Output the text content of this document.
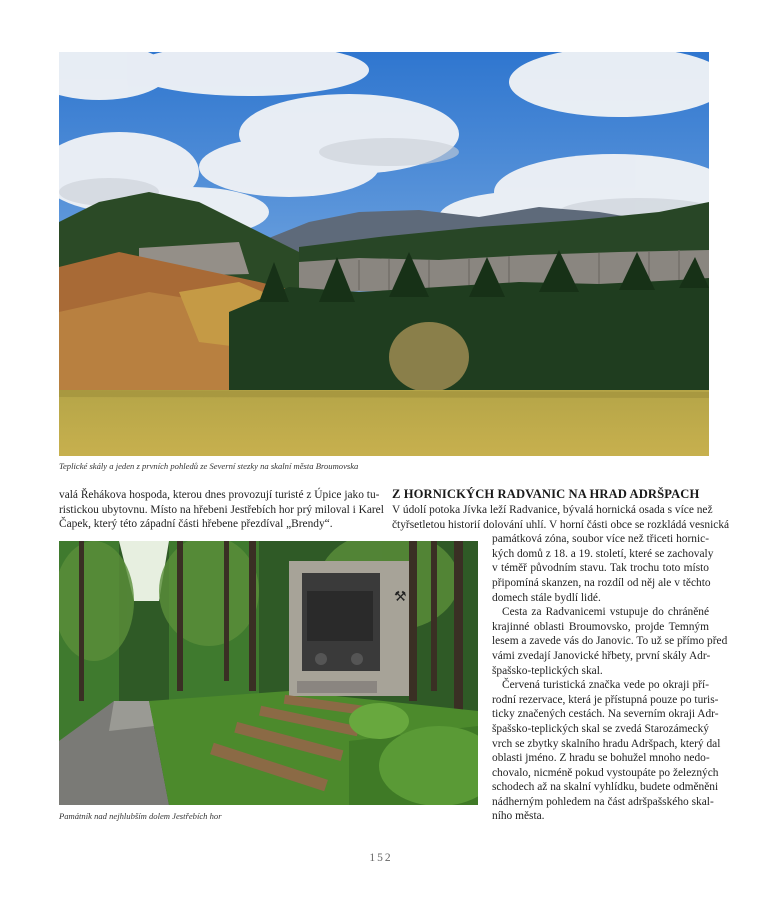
Teplické skály a jeden z prvních pohledů ze Severní stezky na skalní města Broumovska

valá Řehákova hospoda, kterou dnes provozují turisté z Úpice jako tu-
ristickou ubytovnu. Místo na hřebeni Jestřebích hor prý miloval i Karel
Čapek, který této západní části hřebene přezdíval „Brendy“.

Z HORNICKÝCH RADVANIC NA HRAD ADRŠPACH
V údolí potoka Jívka leží Radvanice, bývalá hornická osada s více než
čtyřsetletou historií dolování uhlí. V horní části obce se rozkládá vesnická
památková zóna, soubor více než třiceti hornic-
kých domů z 18. a 19. století, které se zachovaly
v téměř původním stavu. Tak trochu toto místo
připomíná skanzen, na rozdíl od něj ale v těchto
domech stále bydlí lidé.
Cesta za Radvanicemi vstupuje do chráněné
krajinné oblasti Broumovsko, projde Temným
lesem a zavede vás do Janovic. To už se přímo před
vámi zvedají Janovické hřbety, první skály Adr-
špašsko-teplických skal.
Červená turistická značka vede po okraji pří-
rodní rezervace, která je přístupná pouze po turis-
ticky značených cestách. Na severním okraji Adr-
špašsko-teplických skal se zvedá Starozámecký
vrch se zbytky skalního hradu Adršpach, který dal
oblasti jméno. Z hradu se bohužel mnoho nedo-
chovalo, nicméně pokud vystoupáte po železných
schodech až na skalní vyhlídku, budete odměněni
nádherným pohledem na část adršpašského skal-
ního města.
⚒
Památník nad nejhlubším dolem Jestřebích hor
152
